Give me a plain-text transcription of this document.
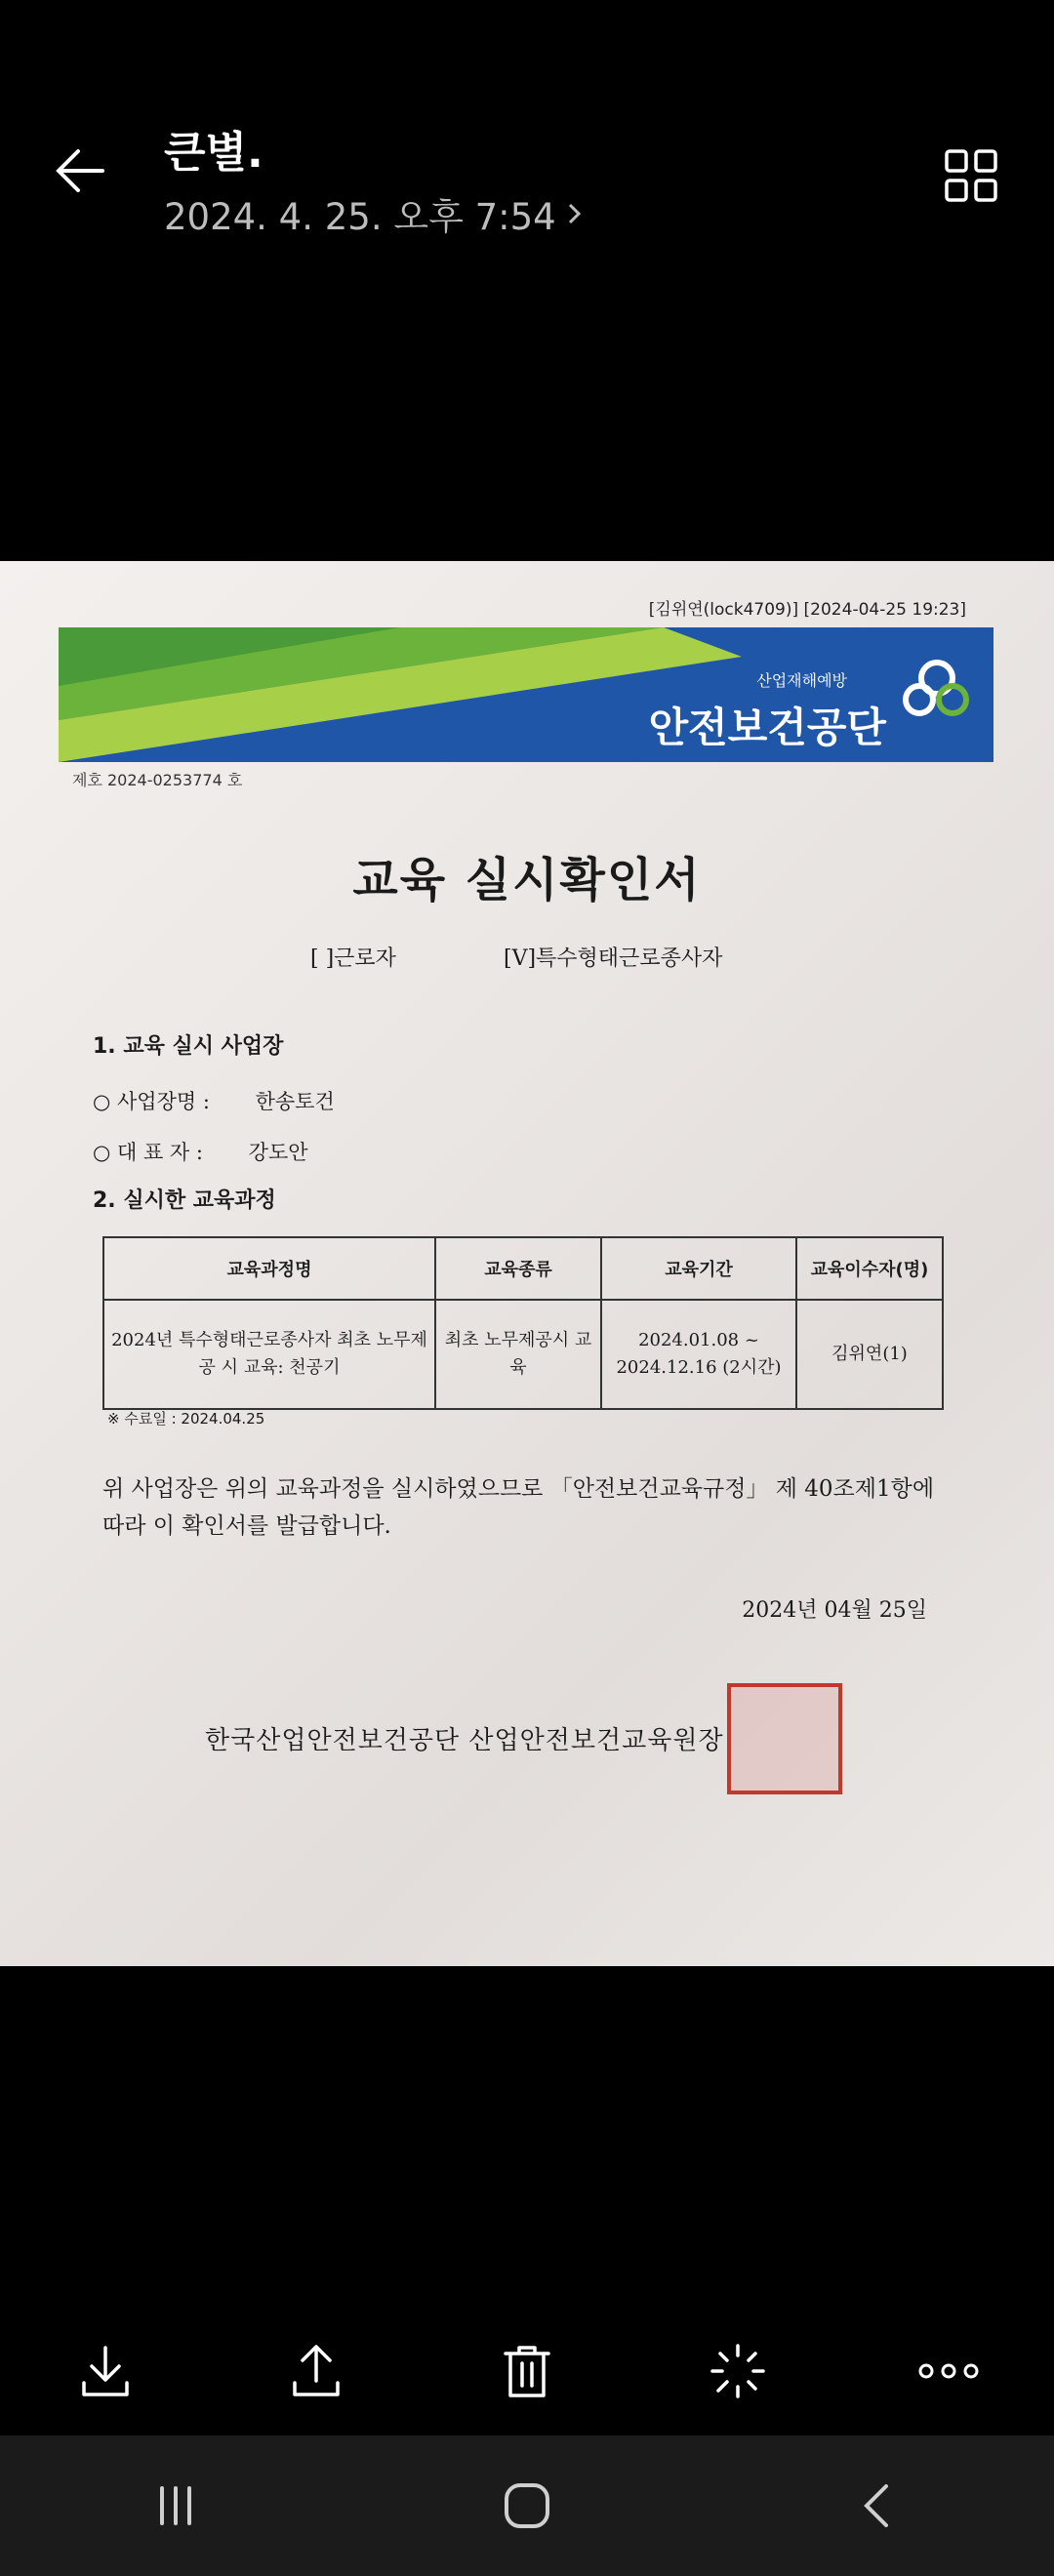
큰별.
2024. 4. 25. 오후 7:54
[김위연(lock4709)] [2024-04-25 19:23]
산업재해예방
안전보건공단
제호 2024-0253774 호
교육 실시확인서
[ ]근로자	[V]특수형태근로종사자
1. 교육 실시 사업장
○ 사업장명 : 한송토건
○ 대 표 자 : 강도안
2. 실시한 교육과정
교육과정명	교육종류	교육기간	교육이수자(명)
2024년 특수형태근로종사자 최초 노무제공 시 교육: 천공기	최초 노무제공시 교육	2024.01.08 ~ 2024.12.16 (2시간)	김위연(1)
※ 수료일 : 2024.04.25
위 사업장은 위의 교육과정을 실시하였으므로 「안전보건교육규정」 제 40조제1항에 따라 이 확인서를 발급합니다.
2024년 04월 25일
한국산업안전보건공단 산업안전보건교육원장
